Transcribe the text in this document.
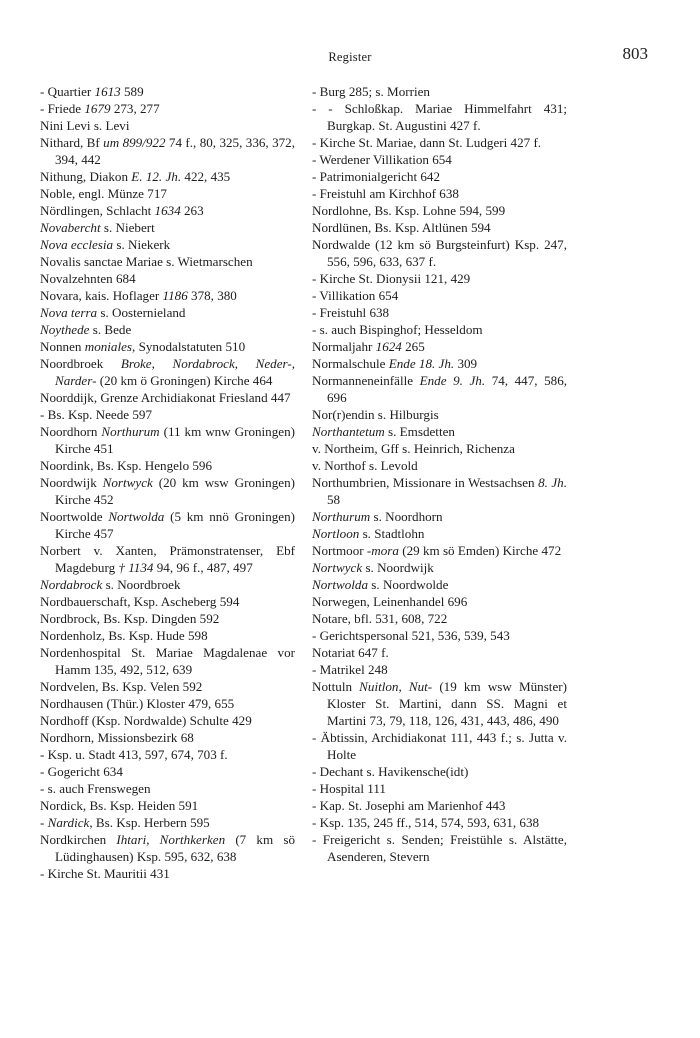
Register	803

- Quartier 1613 589

- Friede 1679 273, 277

Nini Levi s. Levi

Nithard, Bf um 899/922 74 f., 80, 325, 336, 372, 394, 442

Nithung, Diakon E. 12. Jh. 422, 435

Noble, engl. Münze 717

Nördlingen, Schlacht 1634 263

Novabercht s. Niebert

Nova ecclesia s. Niekerk

Novalis sanctae Mariae s. Wietmarschen

Novalzehnten 684

Novara, kais. Hoflager 1186 378, 380

Nova terra s. Oosternieland

Noythede s. Bede

Nonnen moniales, Synodalstatuten 510

Noordbroek Broke, Nordabrock, Neder-, Narder- (20 km ö Groningen) Kirche 464

Noorddijk, Grenze Archidiakonat Friesland 447

- Bs. Ksp. Neede 597

Noordhorn Northurum (11 km wnw Groningen) Kirche 451

Noordink, Bs. Ksp. Hengelo 596

Noordwijk Nortwyck (20 km wsw Groningen) Kirche 452

Noortwolde Nortwolda (5 km nnö Groningen) Kirche 457

Norbert v. Xanten, Prämonstratenser, Ebf Magdeburg † 1134 94, 96 f., 487, 497

Nordabrock s. Noordbroek

Nordbauerschaft, Ksp. Ascheberg 594

Nordbrock, Bs. Ksp. Dingden 592

Nordenholz, Bs. Ksp. Hude 598

Nordenhospital St. Mariae Magdalenae vor Hamm 135, 492, 512, 639

Nordvelen, Bs. Ksp. Velen 592

Nordhausen (Thür.) Kloster 479, 655

Nordhoff (Ksp. Nordwalde) Schulte 429

Nordhorn, Missionsbezirk 68

- Ksp. u. Stadt 413, 597, 674, 703 f.

- Gogericht 634

- s. auch Frenswegen

Nordick, Bs. Ksp. Heiden 591

- Nardick, Bs. Ksp. Herbern 595

Nordkirchen Ihtari, Northkerken (7 km sö Lüdinghausen) Ksp. 595, 632, 638

- Kirche St. Mauritii 431

- Burg 285; s. Morrien

- - Schloßkap. Mariae Himmelfahrt 431; Burgkap. St. Augustini 427 f.

- Kirche St. Mariae, dann St. Ludgeri 427 f.

- Werdener Villikation 654

- Patrimonialgericht 642

- Freistuhl am Kirchhof 638

Nordlohne, Bs. Ksp. Lohne 594, 599

Nordlünen, Bs. Ksp. Altlünen 594

Nordwalde (12 km sö Burgsteinfurt) Ksp. 247, 556, 596, 633, 637 f.

- Kirche St. Dionysii 121, 429

- Villikation 654

- Freistuhl 638

- s. auch Bispinghof; Hesseldom

Normaljahr 1624 265

Normalschule Ende 18. Jh. 309

Normanneneinfälle Ende 9. Jh. 74, 447, 586, 696

Nor(r)endin s. Hilburgis

Northantetum s. Emsdetten

v. Northeim, Gff s. Heinrich, Richenza

v. Northof s. Levold

Northumbrien, Missionare in Westsachsen 8. Jh. 58

Northurum s. Noordhorn

Nortloon s. Stadtlohn

Nortmoor -mora (29 km sö Emden) Kirche 472

Nortwyck s. Noordwijk

Nortwolda s. Noordwolde

Norwegen, Leinenhandel 696

Notare, bfl. 531, 608, 722

- Gerichtspersonal 521, 536, 539, 543

Notariat 647 f.

- Matrikel 248

Nottuln Nuitlon, Nut- (19 km wsw Münster) Kloster St. Martini, dann SS. Magni et Martini 73, 79, 118, 126, 431, 443, 486, 490

- Äbtissin, Archidiakonat 111, 443 f.; s. Jutta v. Holte

- Dechant s. Havikensche(idt)

- Hospital 111

- Kap. St. Josephi am Marienhof 443

- Ksp. 135, 245 ff., 514, 574, 593, 631, 638

- Freigericht s. Senden; Freistühle s. Alstätte, Asenderen, Stevern
